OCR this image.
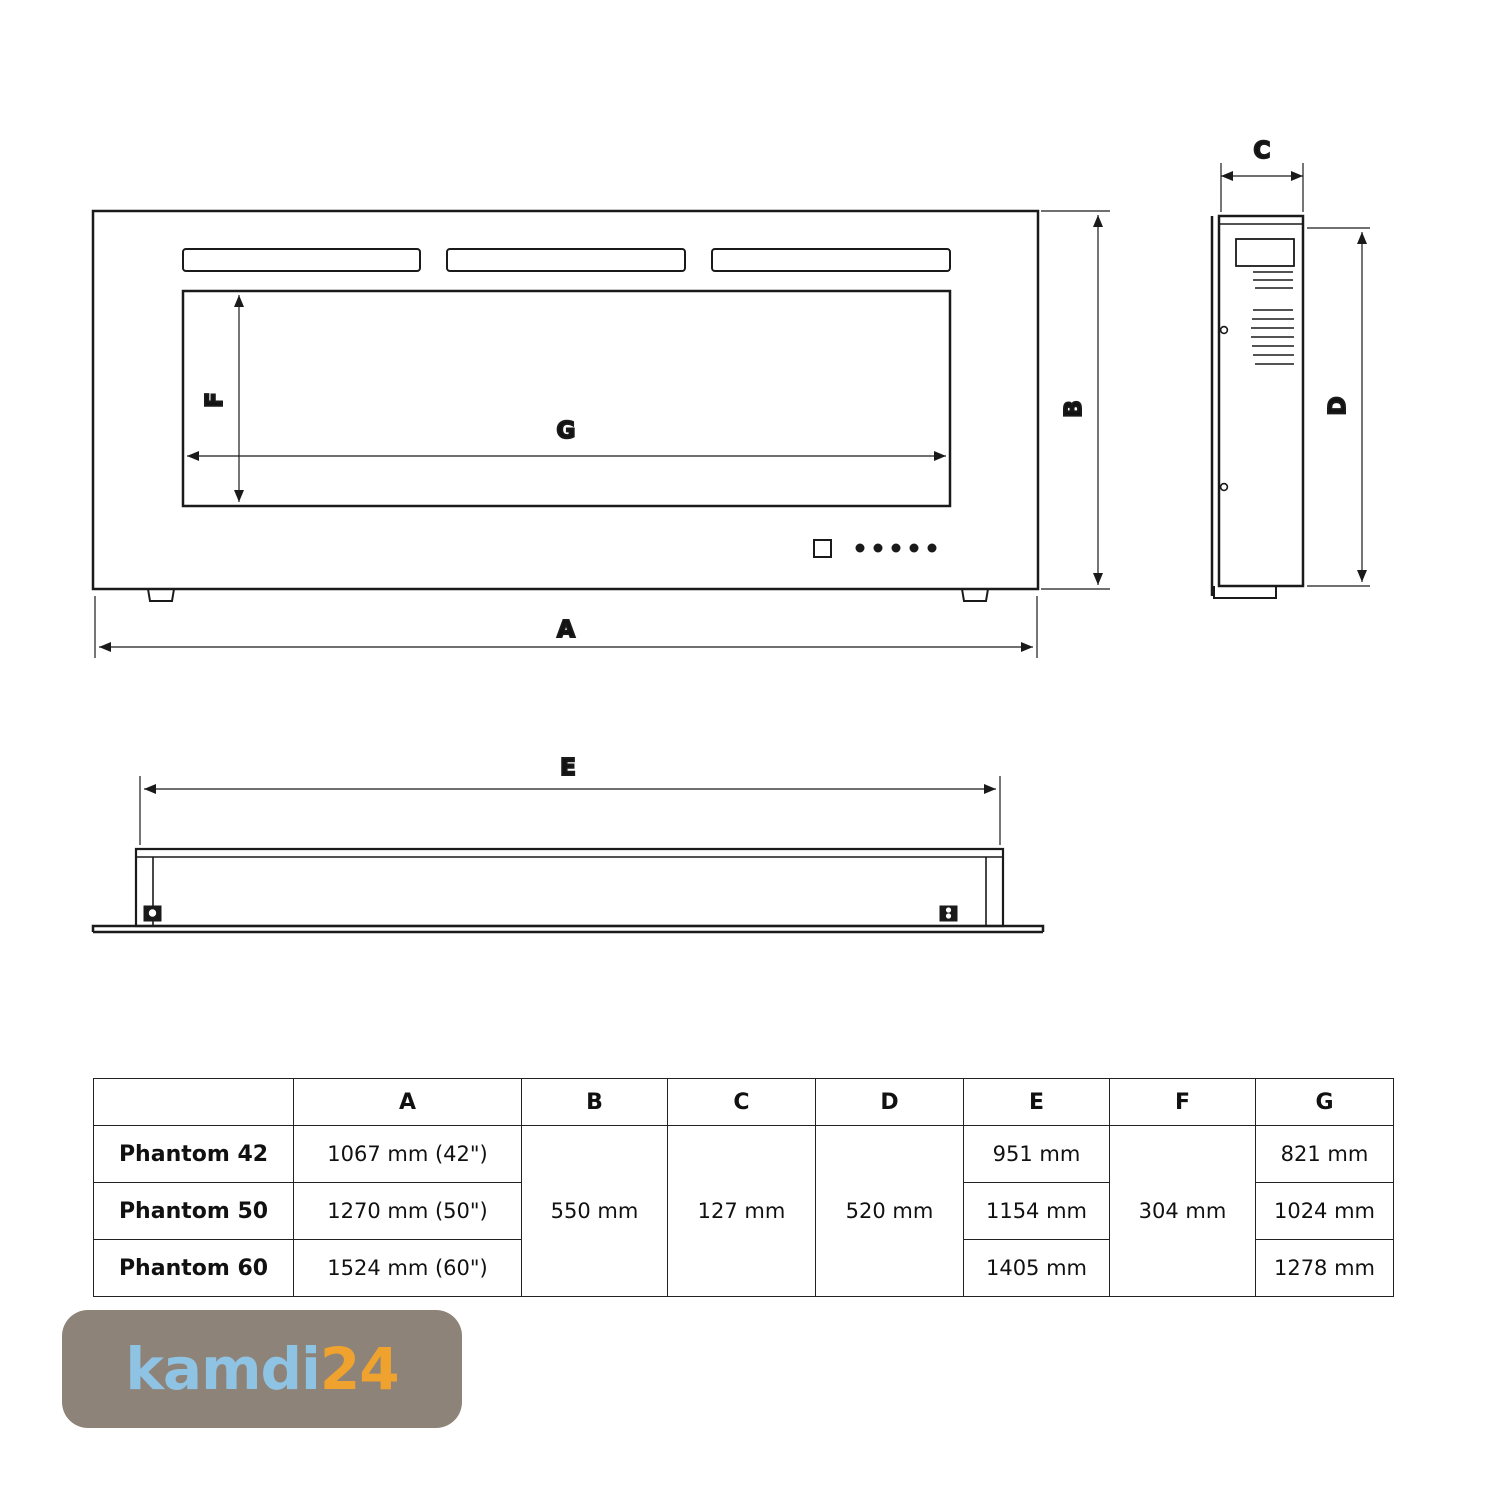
A
B
F
G
C
D
E
	A	B	C	D	E	F	G
Phantom 42	1067 mm (42")	550 mm	127 mm	520 mm	951 mm	304 mm	821 mm
Phantom 50	1270 mm (50")				1154 mm		1024 mm
Phantom 60	1524 mm (60")				1405 mm		1278 mm
kamdi24
